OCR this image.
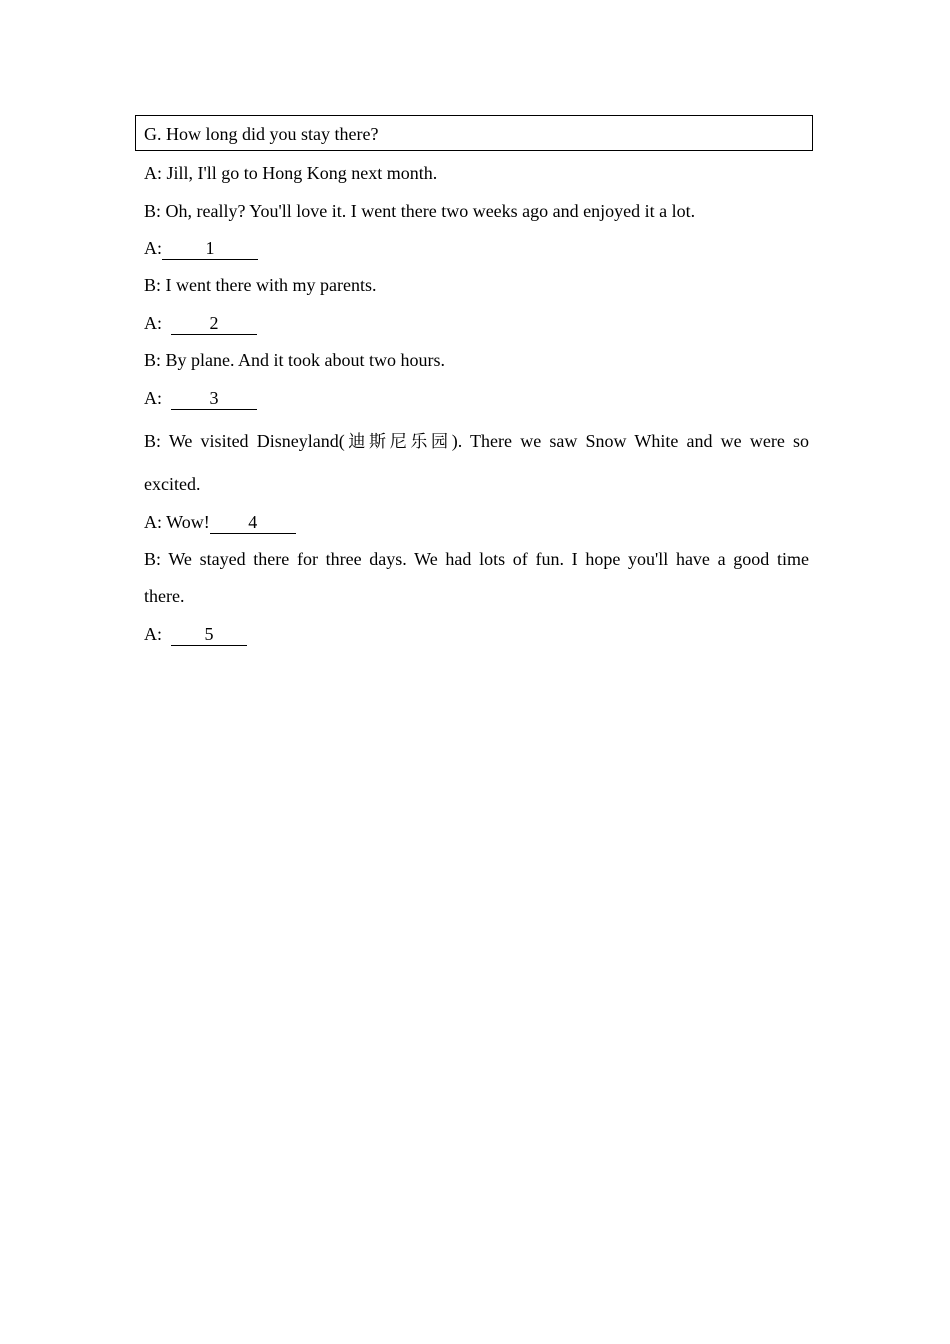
G. How long did you stay there?
A: Jill, I'll go to Hong Kong next month.
B: Oh, really? You'll love it. I went there two weeks ago and enjoyed it a lot.
A: 1
B: I went there with my parents.
A:	2
B: By plane. And it took about two hours.
A:	3
B: We visited Disneyland(迪斯尼乐园). There we saw Snow White and we were so
excited.
A: Wow! 4
B: We stayed there for three days. We had lots of fun. I hope you'll have a good time
there.
A: 5
